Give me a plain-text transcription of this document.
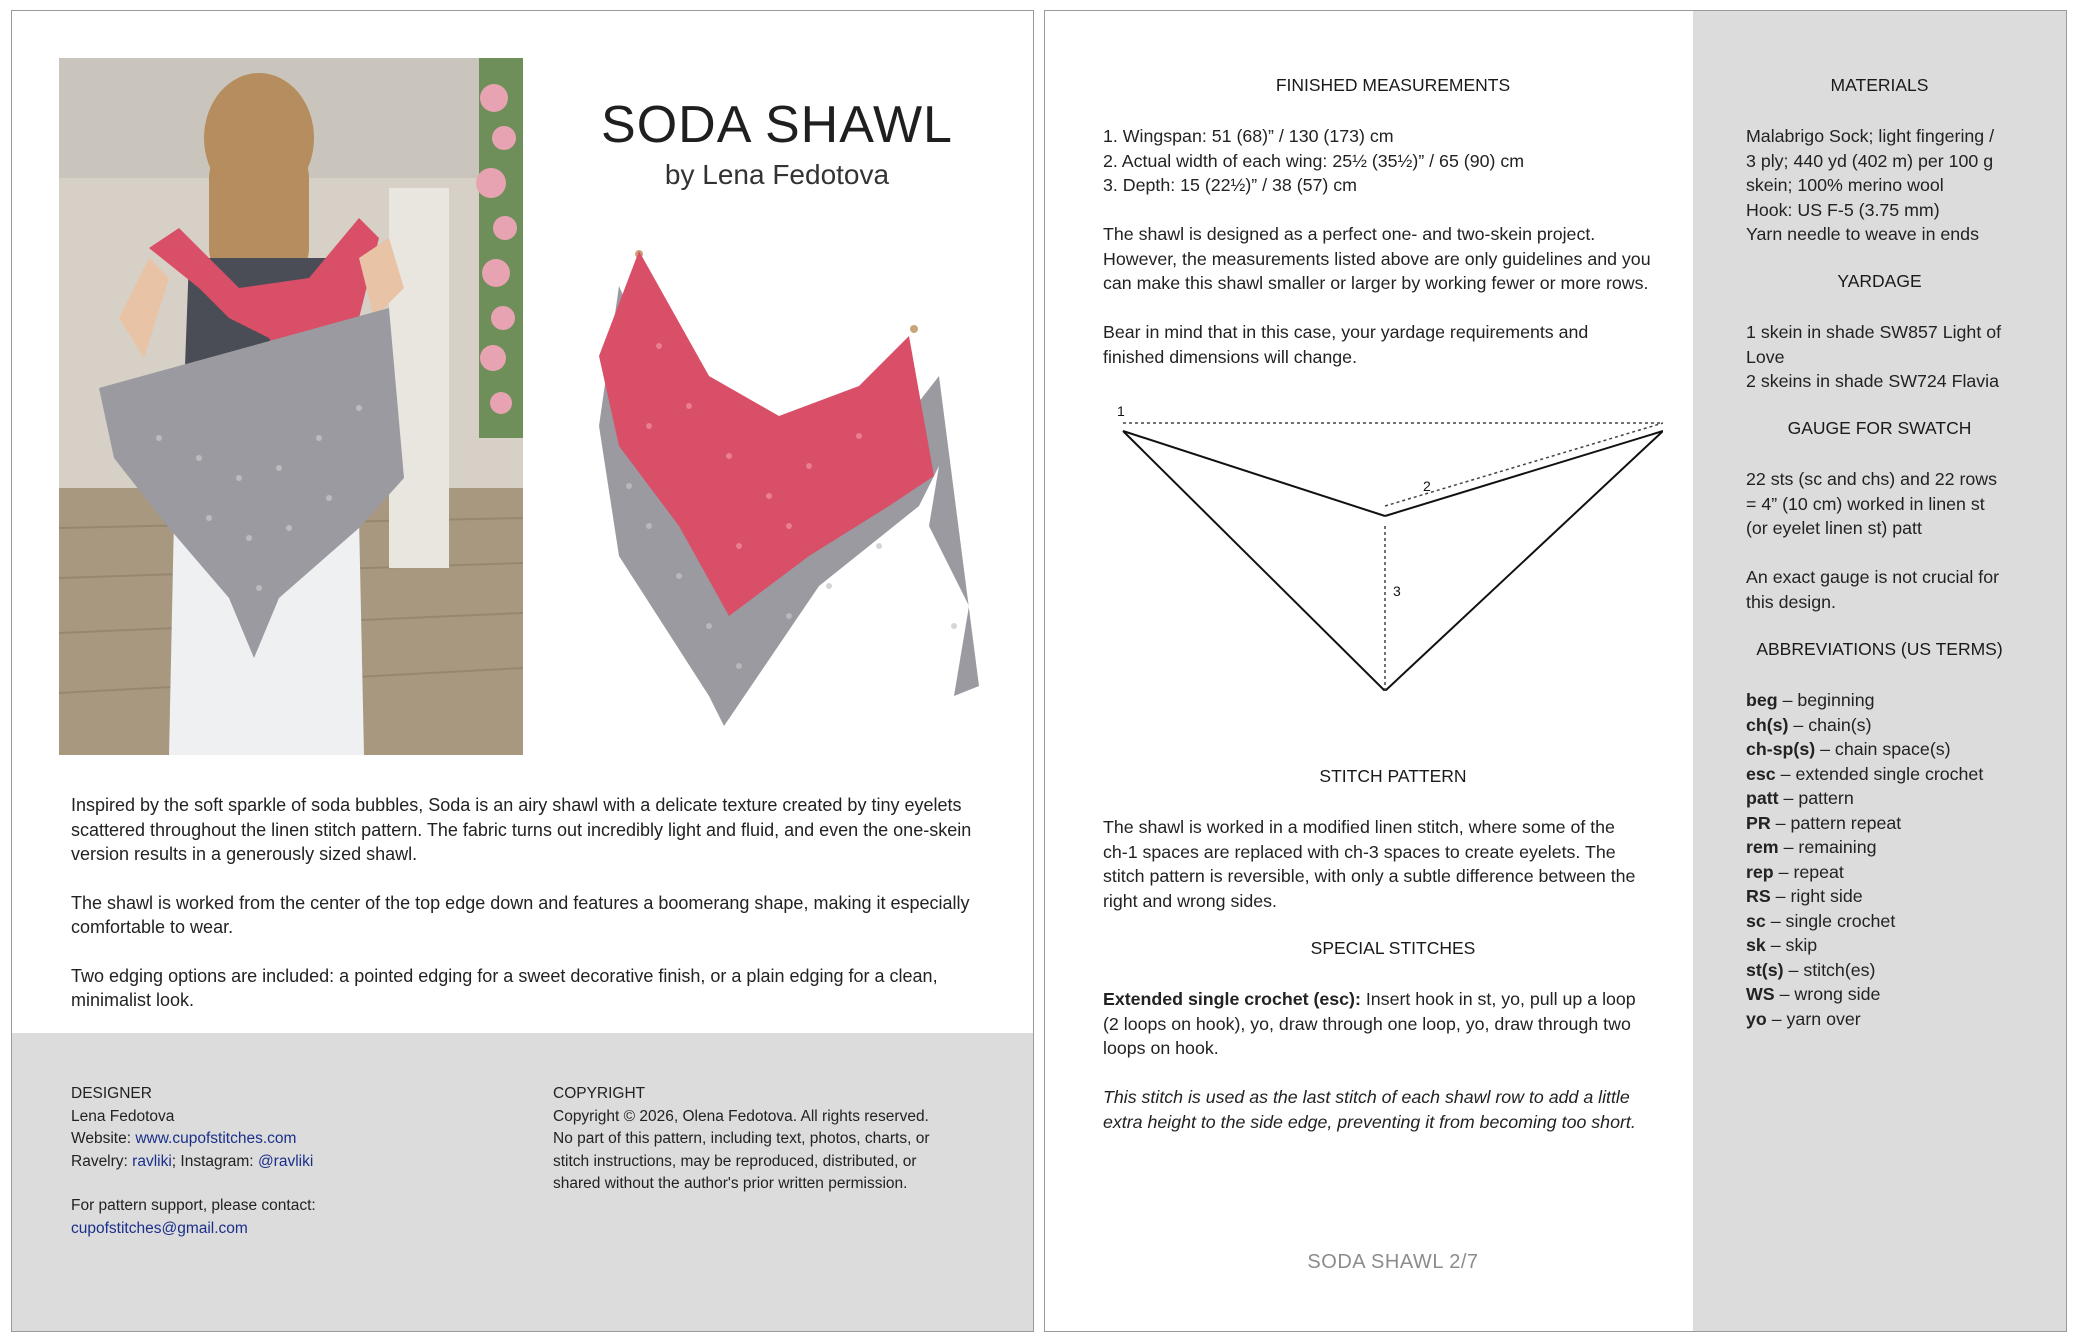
SODA SHAWL
by Lena Fedotova

Inspired by the soft sparkle of soda bubbles, Soda is an airy shawl with a delicate texture created by tiny eyelets scattered throughout the linen stitch pattern. The fabric turns out incredibly light and fluid, and even the one-skein version results in a generously sized shawl.

The shawl is worked from the center of the top edge down and features a boomerang shape, making it especially comfortable to wear.

Two edging options are included: a pointed edging for a sweet decorative finish, or a plain edging for a clean, minimalist look.

DESIGNER
Lena Fedotova
Website: www.cupofstitches.com
Ravelry: ravliki; Instagram: @ravliki
For pattern support, please contact:
cupofstitches@gmail.com
COPYRIGHT
Copyright © 2026, Olena Fedotova. All rights reserved.
No part of this pattern, including text, photos, charts, or
stitch instructions, may be reproduced, distributed, or
shared without the author's prior written permission.
FINISHED MEASUREMENTS
1. Wingspan: 51 (68)” / 130 (173) cm
2. Actual width of each wing: 25½ (35½)” / 65 (90) cm
3. Depth: 15 (22½)” / 38 (57) cm
The shawl is designed as a perfect one- and two-skein project.
However, the measurements listed above are only guidelines and you
can make this shawl smaller or larger by working fewer or more rows.
Bear in mind that in this case, your yardage requirements and
finished dimensions will change.
1
2
3
STITCH PATTERN
The shawl is worked in a modified linen stitch, where some of the
ch-1 spaces are replaced with ch-3 spaces to create eyelets. The
stitch pattern is reversible, with only a subtle difference between the
right and wrong sides.
SPECIAL STITCHES
Extended single crochet (esc): Insert hook in st, yo, pull up a loop
(2 loops on hook), yo, draw through one loop, yo, draw through two
loops on hook.
This stitch is used as the last stitch of each shawl row to add a little
extra height to the side edge, preventing it from becoming too short.
SODA SHAWL 2/7
MATERIALS
Malabrigo Sock; light fingering /
3 ply; 440 yd (402 m) per 100 g
skein; 100% merino wool
Hook: US F-5 (3.75 mm)
Yarn needle to weave in ends
YARDAGE
1 skein in shade SW857 Light of
Love
2 skeins in shade SW724 Flavia
GAUGE FOR SWATCH
22 sts (sc and chs) and 22 rows
= 4” (10 cm) worked in linen st
(or eyelet linen st) patt
An exact gauge is not crucial for
this design.
ABBREVIATIONS (US TERMS)
beg – beginning
ch(s) – chain(s)
ch-sp(s) – chain space(s)
esc – extended single crochet
patt – pattern
PR – pattern repeat
rem – remaining
rep – repeat
RS – right side
sc – single crochet
sk – skip
st(s) – stitch(es)
WS – wrong side
yo – yarn over
